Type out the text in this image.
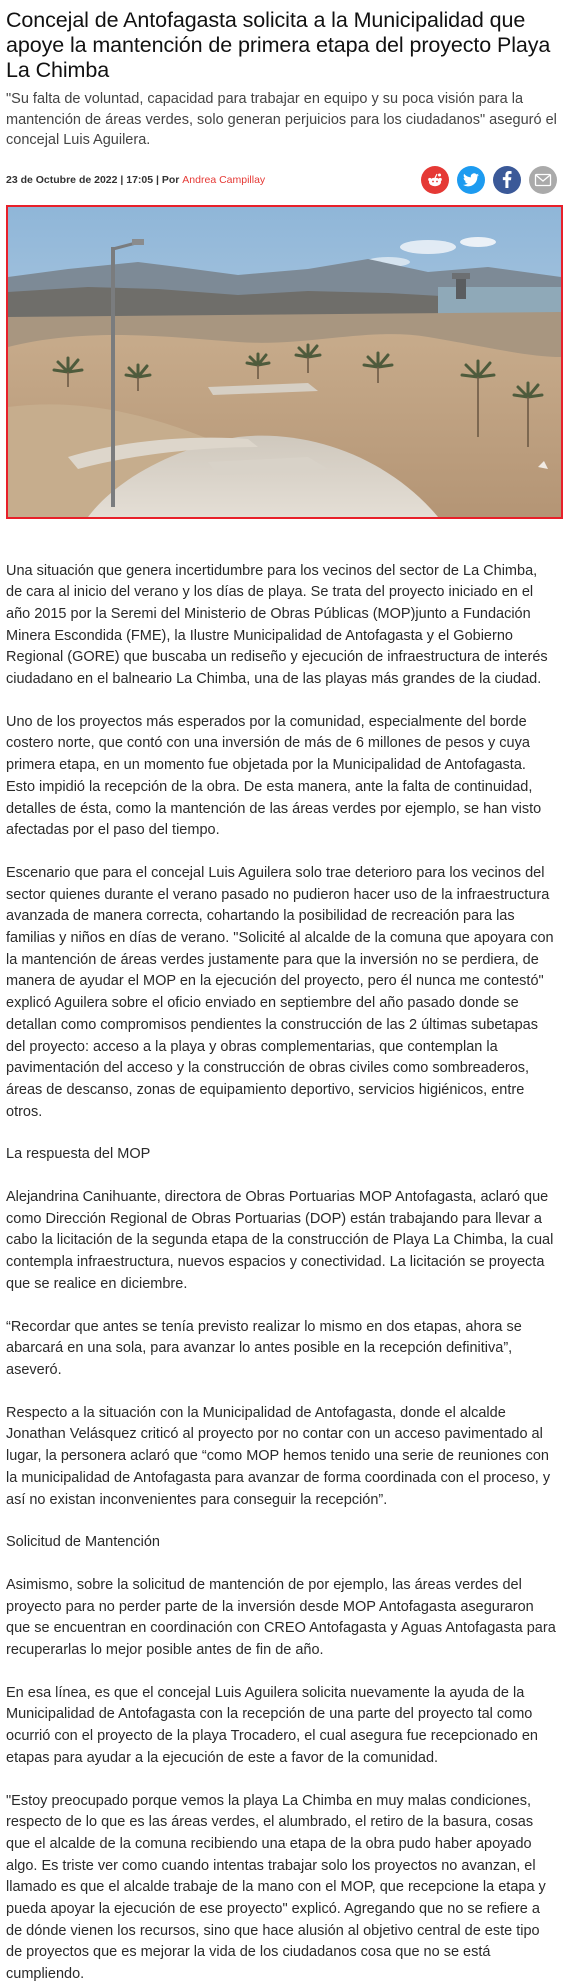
Concejal de Antofagasta solicita a la Municipalidad que apoye la mantención de primera etapa del proyecto Playa La Chimba

"Su falta de voluntad, capacidad para trabajar en equipo y su poca visión para la mantención de áreas verdes, solo generan perjuicios para los ciudadanos" aseguró el concejal Luis Aguilera.

23 de Octubre de 2022 | 17:05 | Por Andrea Campillay

Una situación que genera incertidumbre para los vecinos del sector de La Chimba, de cara al inicio del verano y los días de playa. Se trata del proyecto iniciado en el año 2015 por la Seremi del Ministerio de Obras Públicas (MOP)junto a Fundación Minera Escondida (FME), la Ilustre Municipalidad de Antofagasta y el Gobierno Regional (GORE) que buscaba un rediseño y ejecución de infraestructura de interés ciudadano en el balneario La Chimba, una de las playas más grandes de la ciudad.

Uno de los proyectos más esperados por la comunidad, especialmente del borde costero norte, que contó con una inversión de más de 6 millones de pesos y cuya primera etapa, en un momento fue objetada por la Municipalidad de Antofagasta. Esto impidió la recepción de la obra. De esta manera, ante la falta de continuidad, detalles de ésta, como la mantención de las áreas verdes por ejemplo, se han visto afectadas por el paso del tiempo.

Escenario que para el concejal Luis Aguilera solo trae deterioro para los vecinos del sector quienes durante el verano pasado no pudieron hacer uso de la infraestructura avanzada de manera correcta, cohartando la posibilidad de recreación para las familias y niños en días de verano. "Solicité al alcalde de la comuna que apoyara con la mantención de áreas verdes justamente para que la inversión no se perdiera, de manera de ayudar el MOP en la ejecución del proyecto, pero él nunca me contestó" explicó Aguilera sobre el oficio enviado en septiembre del año pasado donde se detallan como compromisos pendientes la construcción de las 2 últimas subetapas del proyecto: acceso a la playa y obras complementarias, que contemplan la pavimentación del acceso y la construcción de obras civiles como sombreaderos, áreas de descanso, zonas de equipamiento deportivo, servicios higiénicos, entre otros.

La respuesta del MOP

Alejandrina Canihuante, directora de Obras Portuarias MOP Antofagasta, aclaró que como Dirección Regional de Obras Portuarias (DOP) están trabajando para llevar a cabo la licitación de la segunda etapa de la construcción de Playa La Chimba, la cual contempla infraestructura, nuevos espacios y conectividad. La licitación se proyecta que se realice en diciembre.

“Recordar que antes se tenía previsto realizar lo mismo en dos etapas, ahora se abarcará en una sola, para avanzar lo antes posible en la recepción definitiva”, aseveró.

Respecto a la situación con la Municipalidad de Antofagasta, donde el alcalde Jonathan Velásquez criticó al proyecto por no contar con un acceso pavimentado al lugar, la personera aclaró que “como MOP hemos tenido una serie de reuniones con la municipalidad de Antofagasta para avanzar de forma coordinada con el proceso, y así no existan inconvenientes para conseguir la recepción”.

Solicitud de Mantención

Asimismo, sobre la solicitud de mantención de por ejemplo, las áreas verdes del proyecto para no perder parte de la inversión desde MOP Antofagasta aseguraron que se encuentran en coordinación con CREO Antofagasta y Aguas Antofagasta para recuperarlas lo mejor posible antes de fin de año.

En esa línea, es que el concejal Luis Aguilera solicita nuevamente la ayuda de la Municipalidad de Antofagasta con la recepción de una parte del proyecto tal como ocurrió con el proyecto de la playa Trocadero, el cual asegura fue recepcionado en etapas para ayudar a la ejecución de este a favor de la comunidad.

"Estoy preocupado porque vemos la playa La Chimba en muy malas condiciones, respecto de lo que es las áreas verdes, el alumbrado, el retiro de la basura, cosas que el alcalde de la comuna recibiendo una etapa de la obra pudo haber apoyado algo. Es triste ver como cuando intentas trabajar solo los proyectos no avanzan, el llamado es que el alcalde trabaje de la mano con el MOP, que recepcione la etapa y pueda apoyar la ejecución de ese proyecto" explicó. Agregando que no se refiere a de dónde vienen los recursos, sino que hace alusión al objetivo central de este tipo de proyectos que es mejorar la vida de los ciudadanos cosa que no se está cumpliendo.
